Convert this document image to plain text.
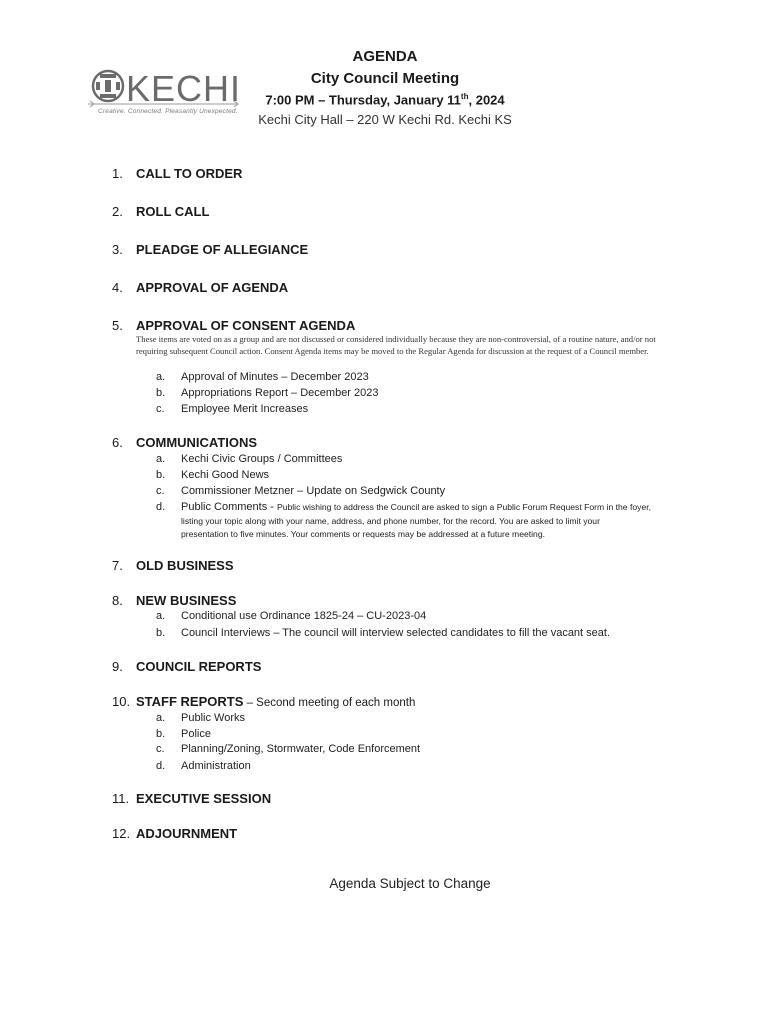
KECHI
Creative. Connected. Pleasantly Unexpected.
AGENDA
City Council Meeting
7:00 PM – Thursday, January 11th, 2024
Kechi City Hall – 220 W Kechi Rd. Kechi KS
1. CALL TO ORDER
2. ROLL CALL
3. PLEADGE OF ALLEGIANCE
4. APPROVAL OF AGENDA
5. APPROVAL OF CONSENT AGENDA
These items are voted on as a group and are not discussed or considered individually because they are non-controversial, of a routine nature, and/or not requiring subsequent Council action. Consent Agenda items may be moved to the Regular Agenda for discussion at the request of a Council member.
a. Approval of Minutes – December 2023
b. Appropriations Report – December 2023
c. Employee Merit Increases
6. COMMUNICATIONS
a. Kechi Civic Groups / Committees
b. Kechi Good News
c. Commissioner Metzner – Update on Sedgwick County
d. Public Comments - Public wishing to address the Council are asked to sign a Public Forum Request Form in the foyer,
listing your topic along with your name, address, and phone number, for the record. You are asked to limit your
presentation to five minutes. Your comments or requests may be addressed at a future meeting.
7. OLD BUSINESS
8. NEW BUSINESS
a. Conditional use Ordinance 1825-24 – CU-2023-04
b. Council Interviews – The council will interview selected candidates to fill the vacant seat.
9. COUNCIL REPORTS
10. STAFF REPORTS – Second meeting of each month
a. Public Works
b. Police
c. Planning/Zoning, Stormwater, Code Enforcement
d. Administration
11. EXECUTIVE SESSION
12. ADJOURNMENT
Agenda Subject to Change
